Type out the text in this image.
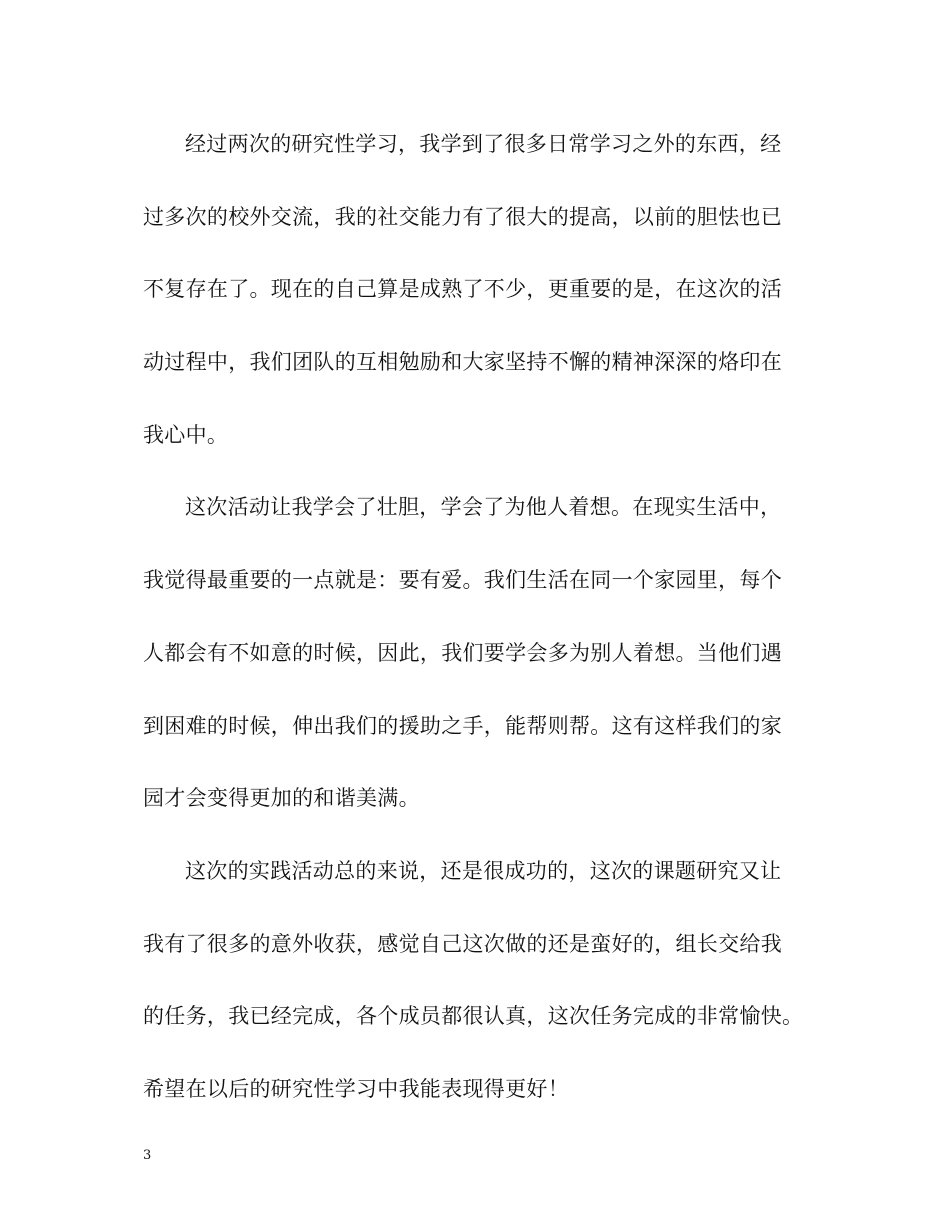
经过两次的研究性学习，我学到了很多日常学习之外的东西，经
过多次的校外交流，我的社交能力有了很大的提高，以前的胆怯也已
不复存在了。现在的自己算是成熟了不少，更重要的是，在这次的活
动过程中，我们团队的互相勉励和大家坚持不懈的精神深深的烙印在
我心中。
这次活动让我学会了壮胆，学会了为他人着想。在现实生活中，
我觉得最重要的一点就是：要有爱。我们生活在同一个家园里，每个
人都会有不如意的时候，因此，我们要学会多为别人着想。当他们遇
到困难的时候，伸出我们的援助之手，能帮则帮。这有这样我们的家
园才会变得更加的和谐美满。
这次的实践活动总的来说，还是很成功的，这次的课题研究又让
我有了很多的意外收获，感觉自己这次做的还是蛮好的，组长交给我
的任务，我已经完成，各个成员都很认真，这次任务完成的非常愉快。
希望在以后的研究性学习中我能表现得更好！
3
